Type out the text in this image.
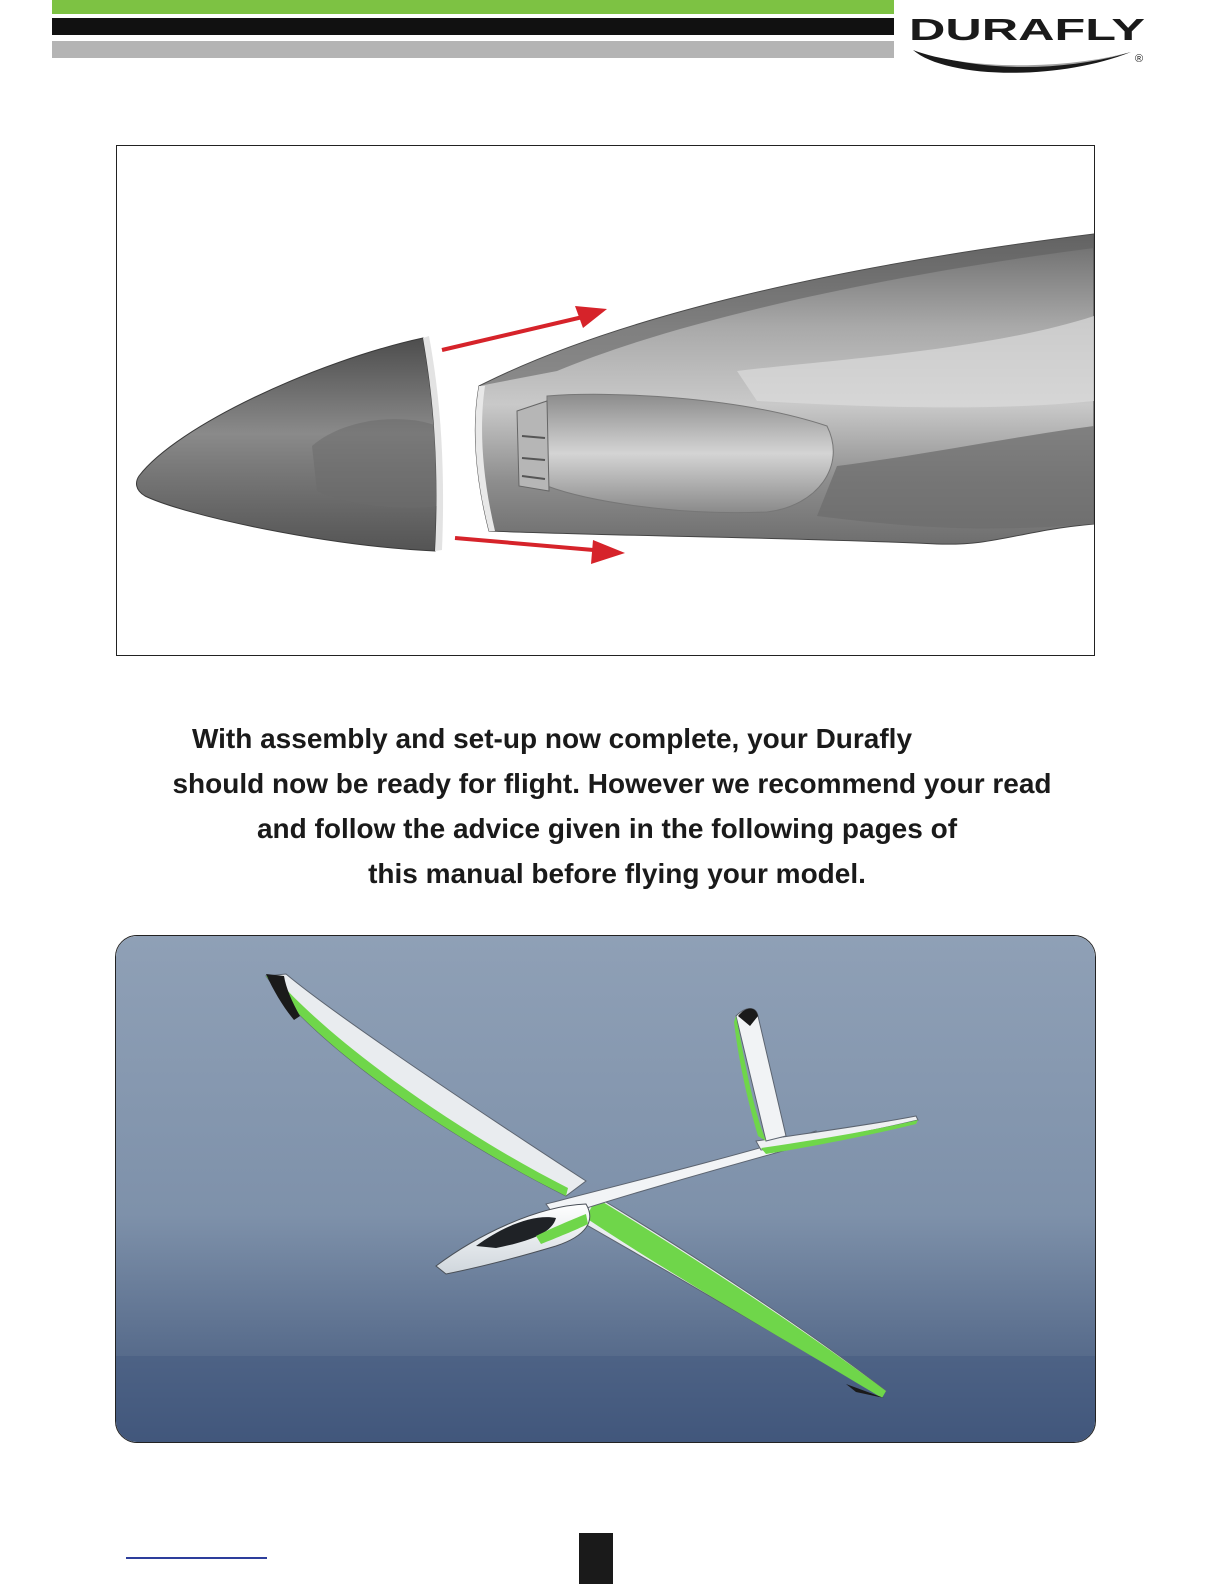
DURAFLY
®

With assembly and set-up now complete, your Durafly
should now be ready for flight. However we recommend your read
and follow the advice given in the following pages of
this manual before flying your model.
